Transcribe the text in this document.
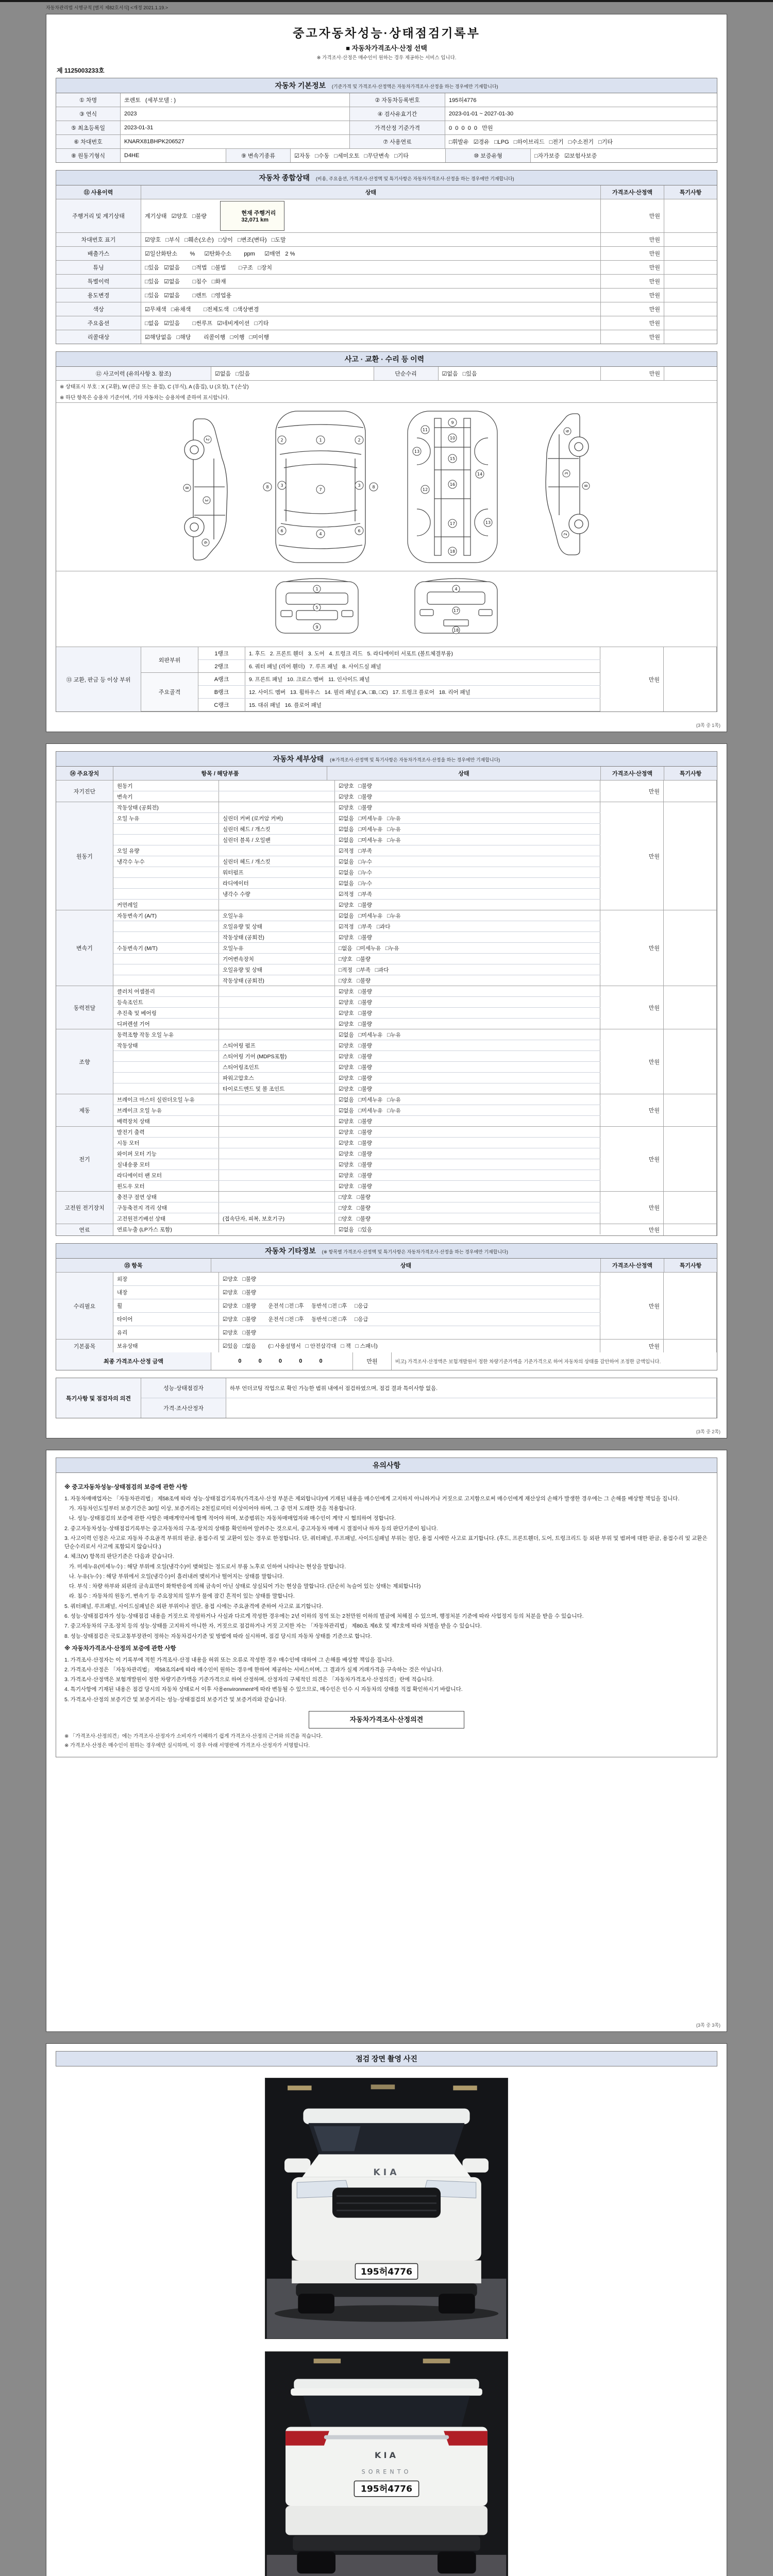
자동차관리법 시행규칙 [별지 제82호서식] <개정 2021.1.19.>
중고자동차성능·상태점검기록부
■ 자동차가격조사·산정 선택
※ 가격조사·산정은 매수인이 원하는 경우 제공하는 서비스 입니다.
제 1125003233호
자동차 기본정보 (기준가격 및 가격조사·산정액은 자동차가격조사·산정을 하는 경우에만 기재합니다)
① 차명	쏘렌토   (세부모델 : )	② 자동차등록번호	195허4776
③ 연식	2023	④ 검사유효기간	2023-01-01 ~ 2027-01-30
⑤ 최초등록일	2023-01-31	가격산정 기준가격	0  0  0  0  0   만원
⑥ 차대번호	KNARX81BHPK206527	⑦ 사용연료	□휘발유   ☑경유   □LPG   □하이브리드   □전기   □수소전기   □기타
⑧ 원동기형식	D4HE	⑨ 변속기종류	☑자동   □수동   □세미오토   □무단변속   □기타	⑩ 보증유형	□자가보증   ☑보험사보증
자동차 종합상태 (비용, 주요옵션, 가격조사·산정액 및 특기사항은 자동차가격조사·산정을 하는 경우에만 기재합니다)
⑪ 사용이력	상태	가격조사·산정액	특기사항
주행거리 및 계기상태	계기상태   ☑양호   □불량	현재 주행거리
32,071 km

만원
차대번호 표기	☑양호   □부식   □훼손(오손)   □상이   □변조(변타)   □도말	만원
배출가스	☑일산화탄소        %      ☑탄화수소        ppm      ☑매연   2 %	만원
튜닝	□있음   ☑없음        □적법   □불법        □구조   □장치	만원
특별이력	□있음   ☑없음        □침수   □화재	만원
용도변경	□있음   ☑없음        □렌트   □영업용	만원
색상	☑무채색   □유채색        □전체도색   □색상변경	만원
주요옵션	□없음   ☑있음        □썬루프   ☑네비게이션   □기타	만원
리콜대상	☑해당없음   □해당        리콜이행   □이행   □미이행	만원
사고 · 교환 · 수리 등 이력
⑫ 사고이력 (유의사항 3. 참조)	☑없음   □있음	단순수리	☑없음   □있음	만원
※ 상태표시 부호 : X (교환), W (판금 또는 용접), C (부식), A (흠집), U (요철), T (손상)
※ 하단 항목은 승용차 기준이며, 기타 자동차는 승용차에 준하여 표시합니다.
2
3
6
8
1
7
4
2	2
3	3
6	6
8	8
9
10
11
15
16
12
13
13
14
17
18
2
3
6
8
1
5
9
4
17
18
⑬ 교환, 판금 등 이상 부위
외판부위
1랭크	1. 후드   2. 프론트 휀더   3. 도어   4. 트렁크 리드   5. 라디에이터 서포트 (볼트체결부품)
2랭크	6. 쿼터 패널 (리어 휀더)   7. 루프 패널   8. 사이드실 패널
주요골격
A랭크	9. 프론트 패널   10. 크로스 멤버   11. 인사이드 패널
B랭크	12. 사이드 멤버   13. 휠하우스   14. 필러 패널 (□A, □B, □C)   17. 트렁크 플로어   18. 리어 패널
C랭크	15. 대쉬 패널   16. 플로어 패널
만원
(3쪽 중 1쪽)
자동차 세부상태 (※가격조사·산정액 및 특기사항은 자동차가격조사·산정을 하는 경우에만 기재합니다)
⑭ 주요장치	항목 / 해당부품	상태	가격조사·산정액	특기사항
자기진단
원동기	☑양호   □불량
변속기	☑양호   □불량
만원
원동기
작동상태 (공회전)	☑양호   □불량
오일 누유	실린더 커버 (로커암 커버)	☑없음   □미세누유   □누유
실린더 헤드 / 개스킷	☑없음   □미세누유   □누유
실린더 블록 / 오일팬	☑없음   □미세누유   □누유
오일 유량	☑적정   □부족
냉각수 누수	실린더 헤드 / 개스킷	☑없음   □누수
워터펌프	☑없음   □누수
라디에이터	☑없음   □누수
냉각수 수량	☑적정   □부족
커먼레일	☑양호   □불량
만원
변속기
자동변속기 (A/T)	오일누유	☑없음   □미세누유   □누유
오일유량 및 상태	☑적정   □부족   □과다
작동상태 (공회전)	☑양호   □불량
수동변속기 (M/T)	오일누유	□없음   □미세누유   □누유
기어변속장치	□양호   □불량
오일유량 및 상태	□적정   □부족   □과다
작동상태 (공회전)	□양호   □불량
만원
동력전달
클러치 어셈블리	☑양호   □불량
등속조인트	☑양호   □불량
추진축 및 베어링	☑양호   □불량
디퍼렌셜 기어	☑양호   □불량
만원
조향
동력조향 작동 오일 누유	☑없음   □미세누유   □누유
작동상태	스티어링 펌프	☑양호   □불량
스티어링 기어 (MDPS포함)	☑양호   □불량
스티어링조인트	☑양호   □불량
파워고압호스	☑양호   □불량
타이로드엔드 및 볼 조인트	☑양호   □불량
만원
제동
브레이크 마스터 실린더오일 누유	☑없음   □미세누유   □누유
브레이크 오일 누유	☑없음   □미세누유   □누유
배력장치 상태	☑양호   □불량
만원
전기
발전기 출력	☑양호   □불량
시동 모터	☑양호   □불량
와이퍼 모터 기능	☑양호   □불량
실내송풍 모터	☑양호   □불량
라디에이터 팬 모터	☑양호   □불량
윈도우 모터	☑양호   □불량
만원
고전원 전기장치
충전구 절연 상태	□양호   □불량
구동축전지 격리 상태	□양호   □불량
고전원전기배선 상태	(접속단자, 피복, 보호기구)	□양호   □불량
만원
연료	연료누출 (LP가스 포함)	☑없음   □있음	만원
자동차 기타정보 (※ 항목별 가격조사·산정액 및 특기사항은 자동차가격조사·산정을 하는 경우에만 기재합니다)
⑮ 항목	상태	가격조사·산정액	특기사항
수리필요
외장	☑양호   □불량
내장	☑양호   □불량
휠	☑양호   □불량        운전석 □전 □후     동반석 □전 □후     □응급
타이어	☑양호   □불량        운전석 □전 □후     동반석 □전 □후     □응급
유리	☑양호   □불량
만원
기본품목	보유상태	☑있음   □없음        (□ 사용설명서   □ 안전삼각대   □ 잭   □ 스패너)	만원
최종 가격조사·산정 금액	0   0   0   0   0	만원	비고) 가격조사·산정액은 보험개발원이 정한 차량기준가액을 기준가격으로 하여 자동차의 상태를 감안하여 조정한 금액입니다.
특기사항 및 점검자의 의견
성능·상태점검자	하부 언더코팅 작업으로 확인 가능한 범위 내에서 점검하였으며, 점검 결과 특이사항 없음.
가격·조사산정자
(3쪽 중 2쪽)
유의사항
※ 중고자동차성능·상태점검의 보증에 관한 사항

1. 자동차매매업자는 「자동차관리법」 제58조에 따라 성능·상태점검기록부(가격조사·산정 부분은 제외합니다)에 기재된 내용을 매수인에게 고지하지 아니하거나 거짓으로 고지함으로써 매수인에게 재산상의 손해가 발생한 경우에는 그 손해를 배상할 책임을 집니다.

가. 자동차인도일부터 보증기간은 30일 이상, 보증거리는 2천킬로미터 이상이어야 하며, 그 중 먼저 도래한 것을 적용합니다.

나. 성능·상태점검의 보증에 관한 사항은 매매계약서에 함께 적어야 하며, 보증범위는 자동차매매업자와 매수인이 계약 시 협의하여 정합니다.

2. 중고자동차성능·상태점검기록부는 중고자동차의 구조·장치의 상태를 확인하여 알려주는 것으로서, 중고자동차 매매 시 결점이나 하자 등의 판단기준이 됩니다.

3. 사고이력 인정은 사고로 자동차 주요골격 부위의 판금, 용접수리 및 교환이 있는 경우로 한정합니다. 단, 쿼터패널, 루프패널, 사이드실패널 부위는 절단, 용접 시에만 사고로 표기합니다. (후드, 프론트휀더, 도어, 트렁크리드 등 외판 부위 및 범퍼에 대한 판금, 용접수리 및 교환은 단순수리로서 사고에 포함되지 않습니다.)

4. 체크(V) 항목의 판단기준은 다음과 같습니다.

가. 미세누유(미세누수) : 해당 부위에 오일(냉각수)이 맺혀있는 정도로서 부품 노후로 인하여 나타나는 현상을 말합니다.

나. 누유(누수) : 해당 부위에서 오일(냉각수)이 흘러내려 맺히거나 떨어지는 상태를 말합니다.

다. 부식 : 차량 하부와 외판의 금속표면이 화학반응에 의해 금속이 아닌 상태로 상실되어 가는 현상을 말합니다. (단순히 녹슬어 있는 상태는 제외합니다)

라. 침수 : 자동차의 원동기, 변속기 등 주요장치의 일부가 물에 잠긴 흔적이 있는 상태를 말합니다.

5. 쿼터패널, 루프패널, 사이드실패널은 외판 부위이나 절단, 용접 시에는 주요골격에 준하여 사고로 표기합니다.

6. 성능·상태점검자가 성능·상태점검 내용을 거짓으로 작성하거나 사실과 다르게 작성한 경우에는 2년 이하의 징역 또는 2천만원 이하의 벌금에 처해질 수 있으며, 행정처분 기준에 따라 사업정지 등의 처분을 받을 수 있습니다.

7. 중고자동차의 구조·장치 등의 성능·상태를 고지하지 아니한 자, 거짓으로 점검하거나 거짓 고지한 자는 「자동차관리법」 제80조 제6호 및 제7호에 따라 처벌을 받을 수 있습니다.

8. 성능·상태점검은 국토교통부장관이 정하는 자동차검사기준 및 방법에 따라 실시하며, 점검 당시의 자동차 상태를 기준으로 합니다.

※ 자동차가격조사·산정의 보증에 관한 사항

1. 가격조사·산정자는 이 기록부에 적힌 가격조사·산정 내용을 허위 또는 오류로 작성한 경우 매수인에 대하여 그 손해를 배상할 책임을 집니다.

2. 가격조사·산정은 「자동차관리법」 제58조의4에 따라 매수인이 원하는 경우에 한하여 제공하는 서비스이며, 그 결과가 실제 거래가격을 구속하는 것은 아닙니다.

3. 가격조사·산정액은 보험개발원이 정한 차량기준가액을 기준가격으로 하여 산정하며, 산정자의 구체적인 의견은 「자동차가격조사·산정의견」란에 적습니다.

4. 특기사항에 기재된 내용은 점검 당시의 자동차 상태로서 이후 사용environment에 따라 변동될 수 있으므로, 매수인은 인수 시 자동차의 상태를 직접 확인하시기 바랍니다.

5. 가격조사·산정의 보증기간 및 보증거리는 성능·상태점검의 보증기간 및 보증거리와 같습니다.

자동차가격조사·산정의견
※ 「가격조사·산정의견」에는 가격조사·산정자가 소비자가 이해하기 쉽게 가격조사·산정의 근거와 의견을 적습니다.
※ 가격조사·산정은 매수인이 원하는 경우에만 실시하며, 이 경우 아래 서명란에 가격조사·산정자가 서명합니다.
(3쪽 중 3쪽)
점검 장면 촬영 사진
KIA
195허4776
KIA
SORENTO
195허4776
